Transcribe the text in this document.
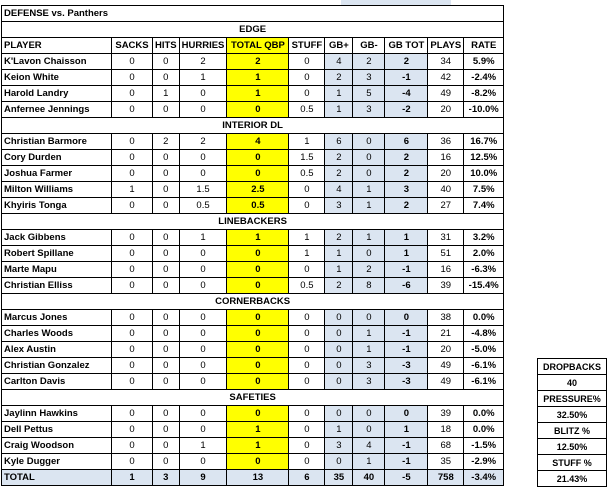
DEFENSE vs. Panthers										
EDGE										
PLAYER	SACKS	HITS	HURRIES	TOTAL QBP	STUFF	GB+	GB-	GB TOT	PLAYS	RATE
K'Lavon Chaisson	0	0	2	2	0	4	2	2	34	5.9%
Keion White	0	0	1	1	0	2	3	-1	42	-2.4%
Harold Landry	0	1	0	1	0	1	5	-4	49	-8.2%
Anfernee Jennings	0	0	0	0	0.5	1	3	-2	20	-10.0%
INTERIOR DL										
Christian Barmore	0	2	2	4	1	6	0	6	36	16.7%
Cory Durden	0	0	0	0	1.5	2	0	2	16	12.5%
Joshua Farmer	0	0	0	0	0.5	2	0	2	20	10.0%
Milton Williams	1	0	1.5	2.5	0	4	1	3	40	7.5%
Khyiris Tonga	0	0	0.5	0.5	0	3	1	2	27	7.4%
LINEBACKERS										
Jack Gibbens	0	0	1	1	1	2	1	1	31	3.2%
Robert Spillane	0	0	0	0	1	1	0	1	51	2.0%
Marte Mapu	0	0	0	0	0	1	2	-1	16	-6.3%
Christian Elliss	0	0	0	0	0.5	2	8	-6	39	-15.4%
CORNERBACKS										
Marcus Jones	0	0	0	0	0	0	0	0	38	0.0%
Charles Woods	0	0	0	0	0	0	1	-1	21	-4.8%
Alex Austin	0	0	0	0	0	0	1	-1	20	-5.0%
Christian Gonzalez	0	0	0	0	0	0	3	-3	49	-6.1%
Carlton Davis	0	0	0	0	0	0	3	-3	49	-6.1%
SAFETIES										
Jaylinn Hawkins	0	0	0	0	0	0	0	0	39	0.0%
Dell Pettus	0	0	0	1	0	1	0	1	18	0.0%
Craig Woodson	0	0	1	1	0	3	4	-1	68	-1.5%
Kyle Dugger	0	0	0	0	0	0	1	-1	35	-2.9%
TOTAL	1	3	9	13	6	35	40	-5	758	-3.4%
DROPBACKS
40
PRESSURE%
32.50%
BLITZ %
12.50%
STUFF %
21.43%
